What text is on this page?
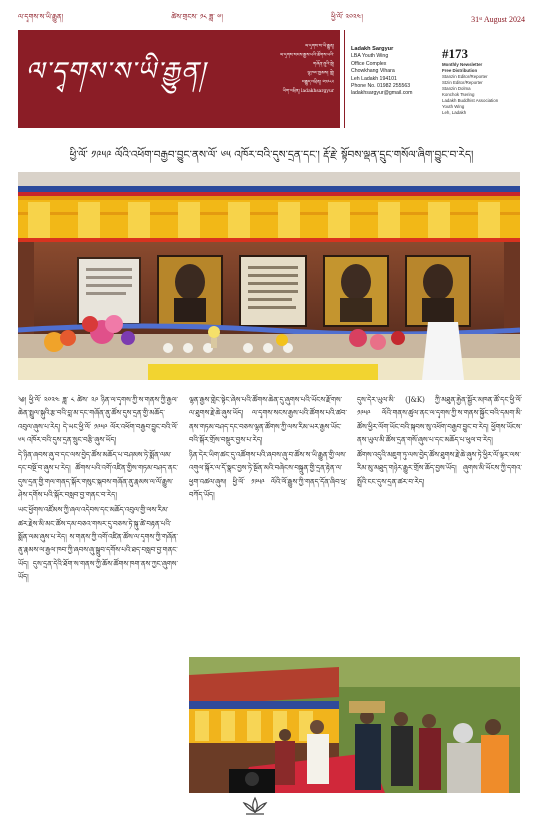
ལ་དྭགས་ས་ཡི་རྒྱུན།	ཚེས་གྲངས་ ༡༨ ཟླ་ ༧།	ཕྱི་ལོ་ ༢༠༢༤།	31ˢᵗ August 2024
ལ་དྭགས་ས་ཡི་རྒྱུན།
ལ་དྭགས་ས་ཡི་རྒྱུན།
ལ་དྭགས་སངས་རྒྱས་པའི་ཚོགས་པའི་
གཞོན་ནུའི་སྡེ།
ལྷ་ཁང་ཁྱམས། གླེ།
བརྒྱུད་འཕྲིན། ༠༡༩༨༢
ཡིག་འཕྲིན། ladakhsargyur
Ladakh Sargyur
LBA Youth Wing
Office Complex
Chowkhang Vihara
Leh Ladakh 194101
Phone No. 01982 255563
ladakhsargyur@gmail.com
#173
Monthly Newsletter
Free Distribution
Stanzin Editor/Reporter
Stzin Editor/Reporter
Stanzin Dolma
Konchok Tsering
Ladakh Buddhist Association
Youth Wing
Leh, Ladakh
ཕྱི་ལོ་ ༡༩༥༩ ལོའི་འཕོག་བརྒྱབ་བྱུང་ནས་ལོ་ ༦༥ འཁོར་བའི་དུས་དྲན་དང་། རྡོ་རྗེ་ སྟོབས་ལྡན་དྲུང་གསོལ་ཞིག་བྱུང་བ་རེད།

༄། ཕྱི་ལོ་ ༢༠༢༤ ཟླ་ ༨ ཚེས་ ༢༩ ཉིན་ལ་དྭགས་ཀྱི་ས་གནས་ཀྱི་རྒྱལ་ཆེན་སྤྲུལ་སྐུའི་རྩ་བའི་བླ་མ་དང་གཞོན་ནུ་ཚོས་དུས་དྲན་གྱི་མཆོད་འབུལ་ཞུས་པ་རེད། དེ་ཡང་ཕྱི་ལོ་ ༡༩༥༩ ལོར་འཕོག་བརྒྱབ་བྱུང་བའི་ལོ་ ༦༥ འཁོར་བའི་དུས་དྲན་སྲུང་བརྩི་ཞུས་ཡོད།

དེ་ཉིན་ཞབས་ཞུ་བ་དང་ལས་བྱེད་ཚོས་མཆོད་པ་བཤམས་ཏེ་སྨོན་ལམ་དང་བསྔོ་བ་ཞུས་པ་རེད། ཚོགས་པའི་འགོ་འཛིན་གྱིས་གཏམ་བཤད་ནང་དུས་དྲན་གྱི་གལ་གནད་སྐོར་གསུང་སྐབས་གཞོན་ནུ་རྣམས་ལ་ལོ་རྒྱུས་ཤེས་དགོས་པའི་སྐོར་བསླབ་བྱ་གནང་བ་རེད།

ཡང་ཕྱོགས་འཛོམས་ཀྱི་ཞལ་འདེབས་དང་མཆོད་འབུལ་གྱི་ལས་རིམ་ཚར་རྗེས་མི་མང་ཚོས་དམ་བཅའ་གསར་དུ་བཅས་ཏེ་སྐུ་ཚེ་བརྟན་པའི་སྨོན་ལམ་ཞུས་པ་རེད། ས་གནས་ཀྱི་འགོ་འཛིན་ཚོས་ལ་དྭགས་ཀྱི་གཞོན་ནུ་རྣམས་ལ་རྒྱལ་ཁབ་ཀྱི་ཞབས་ཞུ་སྒྲུབ་དགོས་པའི་ཐད་བསླབ་བྱ་གནང་ཡོད། དུས་དྲན་དེའི་ཐོག་ས་གནས་ཀྱི་ཆོས་ཚོགས་ཁག་ནས་ཀྱང་ཞུགས་ཡོད།

ལྷན་རྒྱས་གླེང་སྟེང་ཞེས་པའི་ཚོགས་ཆེན་དུ་ཞུགས་པའི་ཡོངས་རྫོགས་ལ་ཐུགས་རྗེ་ཆེ་ཞུས་ཡོད། ལ་དྭགས་སངས་རྒྱས་པའི་ཚོགས་པའི་ཚབ་ནས་གཏམ་བཤད་དང་བཅས་ལྷན་ཚོགས་ཀྱི་ལས་རིམ་ཡར་རྒྱས་ཡོང་བའི་སྐོར་གྲོས་བསྡུར་བྱས་པ་རེད།

ཉིན་དེར་ཡིག་ཚང་དུ་འཚོགས་པའི་ཞབས་ཞུ་བ་ཚོས་ས་ཡི་རྒྱུན་གྱི་ལས་འགུལ་སྐོར་ལ་དོ་སྣང་བྱས་ཏེ་སྔོན་མའི་བཞེངས་བསྐྲུན་གྱི་དྲན་རྟེན་ལ་ཕྱག་འཚལ་ཞུས། ཕྱི་ལོ་ ༡༩༥༩ ལོའི་ལོ་རྒྱུས་ཀྱི་གནད་དོན་ཞིབ་ཕྲ་བཀོད་ཡོད།

དུས་དེར་ཡུལ་མི་ (J&K) ཀྱི་མཐུན་རྐྱེན་སྦྱོར་མཁན་ཚོ་དང་ཕྱི་ལོ་ ༡༩༥༩ ལོའི་གནས་ཚུལ་ནང་ལ་དྭགས་ཀྱི་ས་གནས་སྐྱོང་བའི་དམག་མི་ཚོས་ཕྱིར་ལོག་ཡོང་བའི་སྐབས་སུ་འཕོག་བརྒྱབ་བྱུང་བ་རེད། ཕྱོགས་ཡོངས་ནས་ཡུལ་མི་ཚོས་དྲན་གསོ་ཞུས་པ་དང་མཆོད་པ་ཕུལ་བ་རེད།

ཚོགས་འདུའི་མཇུག་ཏུ་ལས་བྱེད་ཚོས་ཐུགས་རྗེ་ཆེ་ཞུས་ཏེ་ཕྱིར་ལོ་ལྟར་ལས་རིམ་མུ་མཐུད་གཉེར་རྒྱུར་གྲོས་ཆོད་བྱས་ཡོད། ཞུགས་མི་ཡོངས་ཀྱི་དགའ་སྤྲོའི་ངང་དུས་དྲན་ཚར་བ་རེད།
